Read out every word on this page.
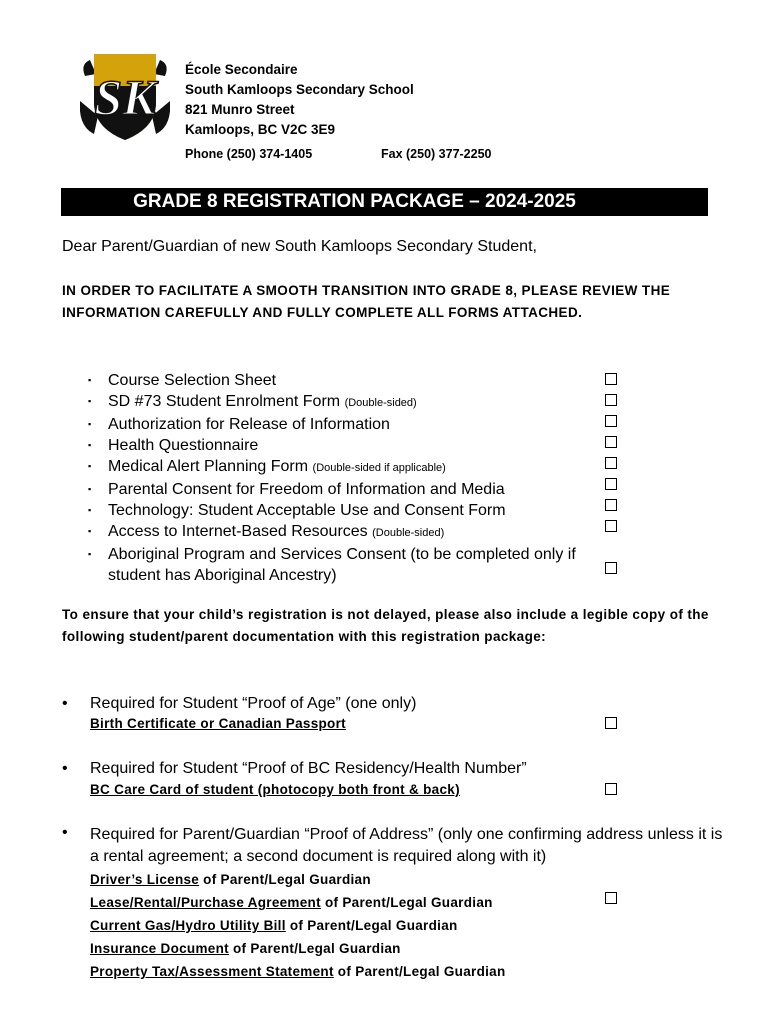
SK École Secondaire
South Kamloops Secondary School
821 Munro Street
Kamloops, BC V2C 3E9
Phone (250) 374-1405	Fax (250) 377-2250
GRADE 8 REGISTRATION PACKAGE – 2024-2025
Dear Parent/Guardian of new South Kamloops Secondary Student,
IN ORDER TO FACILITATE A SMOOTH TRANSITION INTO GRADE 8, PLEASE REVIEW THE INFORMATION CAREFULLY AND FULLY COMPLETE ALL FORMS ATTACHED.
▪ Course Selection Sheet
▪ SD #73 Student Enrolment Form (Double-sided)
▪ Authorization for Release of Information
▪ Health Questionnaire
▪ Medical Alert Planning Form (Double-sided if applicable)
▪ Parental Consent for Freedom of Information and Media
▪ Technology: Student Acceptable Use and Consent Form
▪ Access to Internet-Based Resources (Double-sided)
▪ Aboriginal Program and Services Consent (to be completed only if student has Aboriginal Ancestry)
To ensure that your child’s registration is not delayed, please also include a legible copy of the following student/parent documentation with this registration package:
• Required for Student “Proof of Age” (one only)
Birth Certificate or Canadian Passport
• Required for Student “Proof of BC Residency/Health Number”
BC Care Card of student (photocopy both front & back)
• Required for Parent/Guardian “Proof of Address” (only one confirming address unless it is a rental agreement; a second document is required along with it)
Driver’s License of Parent/Legal Guardian
Lease/Rental/Purchase Agreement of Parent/Legal Guardian
Current Gas/Hydro Utility Bill of Parent/Legal Guardian
Insurance Document of Parent/Legal Guardian
Property Tax/Assessment Statement of Parent/Legal Guardian
